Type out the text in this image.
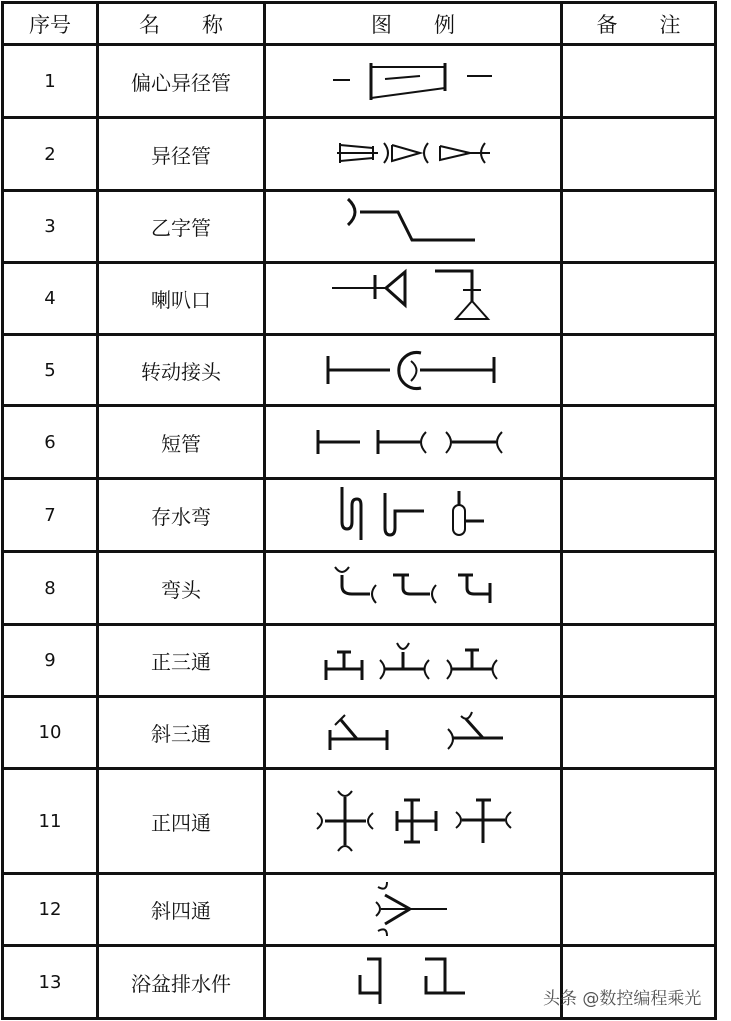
序号	名　　称	图　　例	备　　注
1	偏心异径管		
2	异径管		
3	乙字管		
4	喇叭口		
5	转动接头		
6	短管		
7	存水弯		
8	弯头		
9	正三通		
10	斜三通		
11	正四通		
12	斜四通		
13	浴盆排水件		
头条 @数控编程乘光
